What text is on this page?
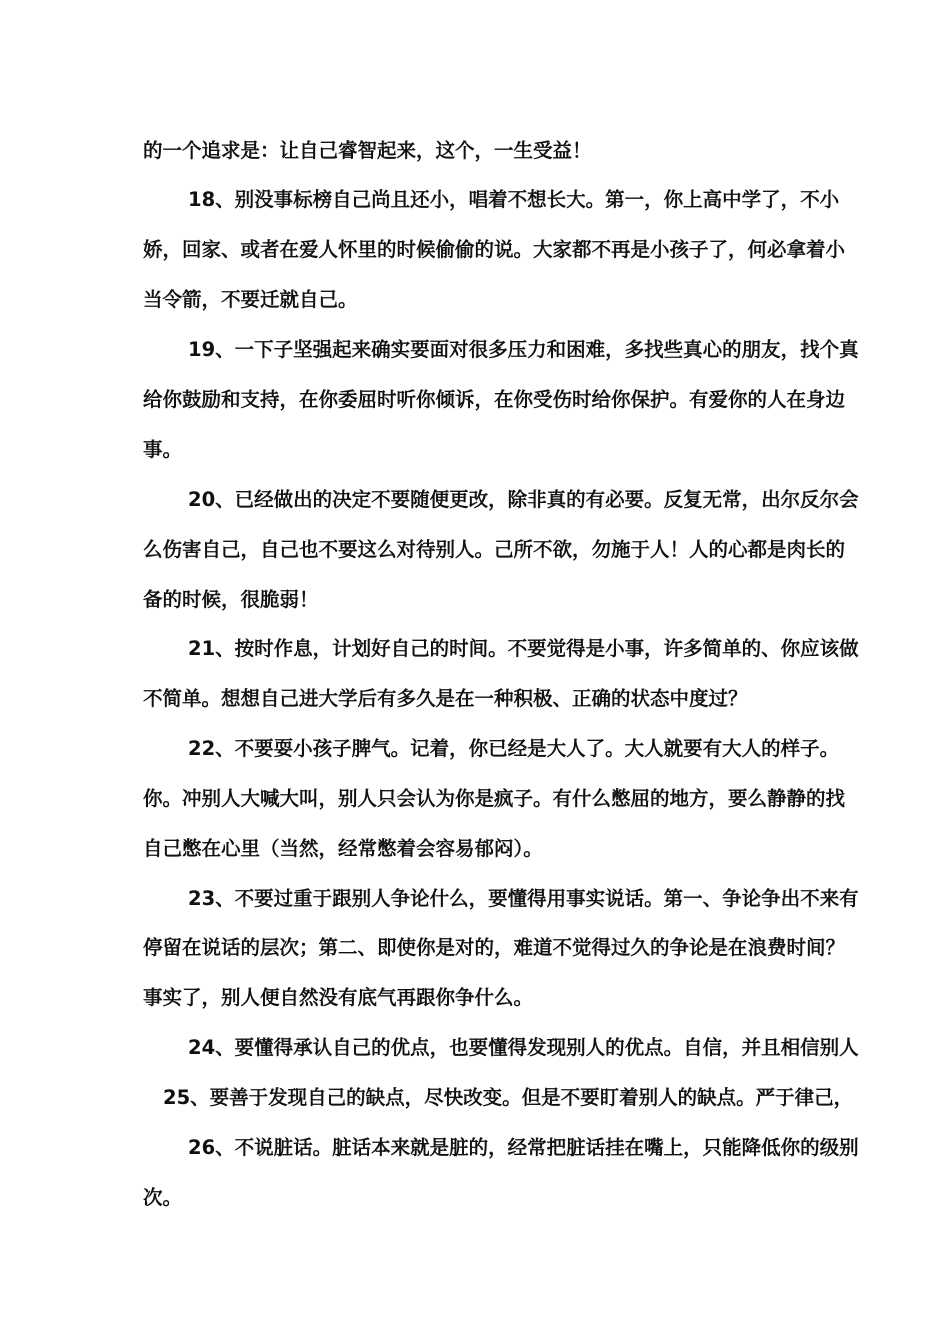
的一个追求是：让自己睿智起来，这个，一生受益！
18、别没事标榜自己尚且还小，唱着不想长大。第一，你上高中学了，不小
娇，回家、或者在爱人怀里的时候偷偷的说。大家都不再是小孩子了，何必拿着小
当令箭，不要迁就自己。
19、一下子坚强起来确实要面对很多压力和困难，多找些真心的朋友，找个真
给你鼓励和支持，在你委屈时听你倾诉，在你受伤时给你保护。有爱你的人在身边
事。
20、已经做出的决定不要随便更改，除非真的有必要。反复无常，出尔反尔会
么伤害自己，自己也不要这么对待别人。己所不欲，勿施于人！人的心都是肉长的
备的时候，很脆弱！
21、按时作息，计划好自己的时间。不要觉得是小事，许多简单的、你应该做
不简单。想想自己进大学后有多久是在一种积极、正确的状态中度过？
22、不要耍小孩子脾气。记着，你已经是大人了。大人就要有大人的样子。
你。冲别人大喊大叫，别人只会认为你是疯子。有什么憋屈的地方，要么静静的找
自己憋在心里（当然，经常憋着会容易郁闷）。
23、不要过重于跟别人争论什么，要懂得用事实说话。第一、争论争出不来有
停留在说话的层次；第二、即使你是对的，难道不觉得过久的争论是在浪费时间？
事实了，别人便自然没有底气再跟你争什么。
24、要懂得承认自己的优点，也要懂得发现别人的优点。自信，并且相信别人
25、要善于发现自己的缺点，尽快改变。但是不要盯着别人的缺点。严于律己，
26、不说脏话。脏话本来就是脏的，经常把脏话挂在嘴上，只能降低你的级别
次。
